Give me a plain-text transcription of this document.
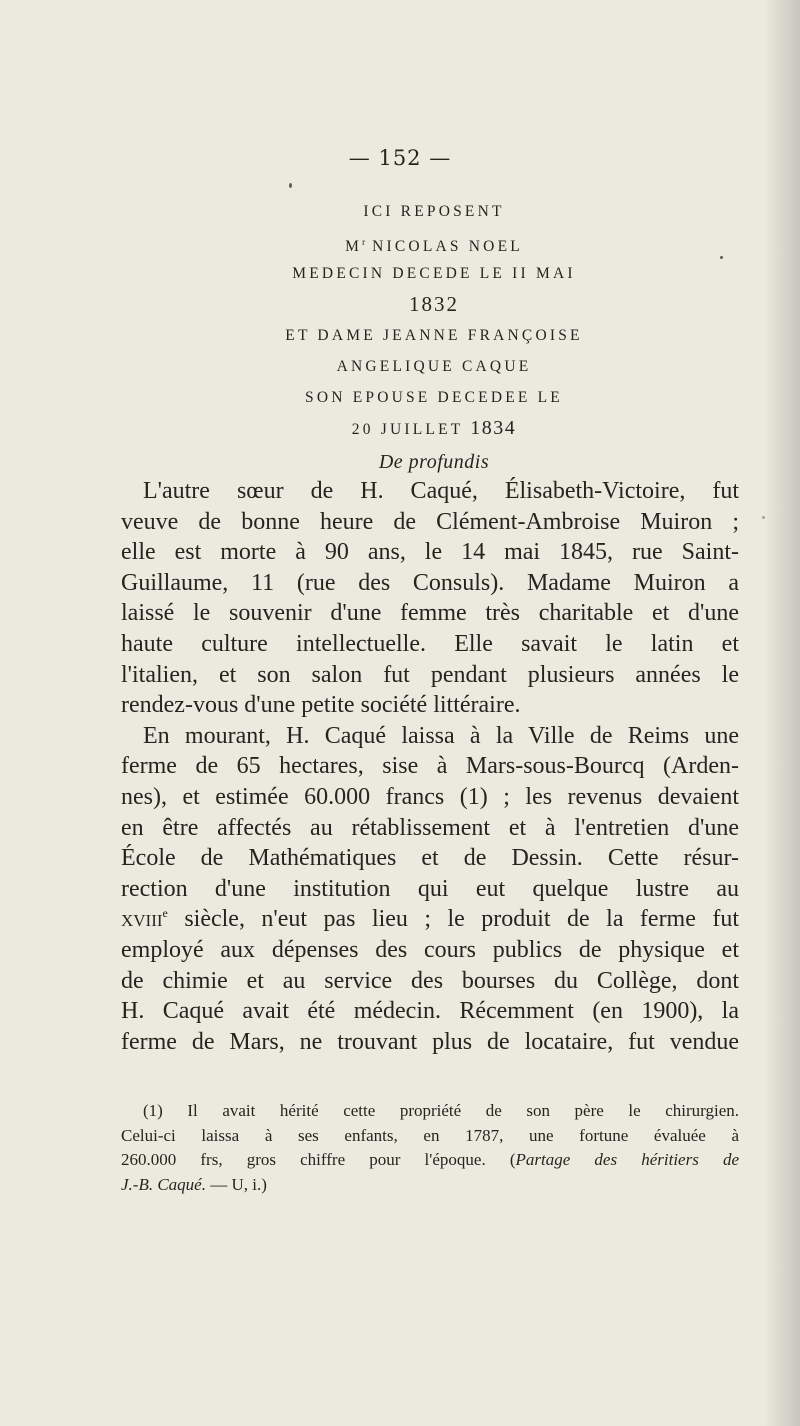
— 152 —
ICI REPOSENT
$M^r$ NICOLAS NOEL
MEDECIN DECEDE LE II MAI
1832
ET DAME JEANNE FRANÇOISE
ANGELIQUE CAQUE
SON EPOUSE DECEDEE LE
20 JUILLET 1834
De profundis
L'autre sœur de H. Caqué, Élisabeth-Victoire, fut
veuve de bonne heure de Clément-Ambroise Muiron ;
elle est morte à 90 ans, le 14 mai 1845, rue Saint-
Guillaume, 11 (rue des Consuls). Madame Muiron a
laissé le souvenir d'une femme très charitable et d'une
haute culture intellectuelle. Elle savait le latin et
l'italien, et son salon fut pendant plusieurs années le
rendez-vous d'une petite société littéraire.
En mourant, H. Caqué laissa à la Ville de Reims une
ferme de 65 hectares, sise à Mars-sous-Bourcq (Arden-
nes), et estimée 60.000 francs (1) ; les revenus devaient
en être affectés au rétablissement et à l'entretien d'une
École de Mathématiques et de Dessin. Cette résur-
rection d'une institution qui eut quelque lustre au
xviii$^e$ siècle, n'eut pas lieu ; le produit de la ferme fut
employé aux dépenses des cours publics de physique et
de chimie et au service des bourses du Collège, dont
H. Caqué avait été médecin. Récemment (en 1900), la
ferme de Mars, ne trouvant plus de locataire, fut vendue
(1) Il avait hérité cette propriété de son père le chirurgien.
Celui-ci laissa à ses enfants, en 1787, une fortune évaluée à
260.000 frs, gros chiffre pour l'époque. (Partage des héritiers de
J.-B. Caqué. — U, i.)
